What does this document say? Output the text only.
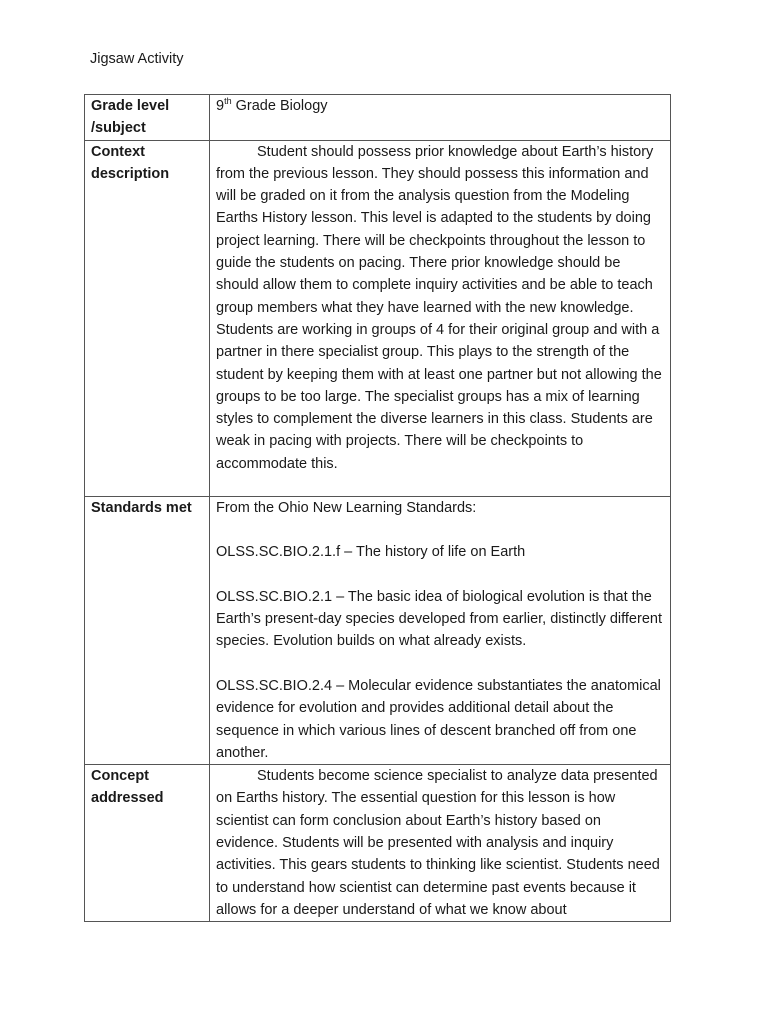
Jigsaw Activity
Grade level /subject	9th Grade Biology
Context description	Student should possess prior knowledge about Earth’s history from the previous lesson. They should possess this information and will be graded on it from the analysis question from the Modeling Earths History lesson. This level is adapted to the students by doing project learning. There will be checkpoints throughout the lesson to guide the students on pacing. There prior knowledge should be should allow them to complete inquiry activities and be able to teach group members what they have learned with the new knowledge. Students are working in groups of 4 for their original group and with a partner in there specialist group. This plays to the strength of the student by keeping them with at least one partner but not allowing the groups to be too large. The specialist groups has a mix of learning styles to complement the diverse learners in this class. Students are weak in pacing with projects. There will be checkpoints to accommodate this.

Standards met	From the Ohio New Learning Standards:

OLSS.SC.BIO.2.1.f – The history of life on Earth

OLSS.SC.BIO.2.1 – The basic idea of biological evolution is that the Earth’s present-day species developed from earlier, distinctly different species. Evolution builds on what already exists.

OLSS.SC.BIO.2.4 – Molecular evidence substantiates the anatomical evidence for evolution and provides additional detail about the sequence in which various lines of descent branched off from one another.

Concept addressed	Students become science specialist to analyze data presented on Earths history. The essential question for this lesson is how scientist can form conclusion about Earth’s history based on evidence. Students will be presented with analysis and inquiry activities. This gears students to thinking like scientist. Students need to understand how scientist can determine past events because it allows for a deeper understand of what we know about
